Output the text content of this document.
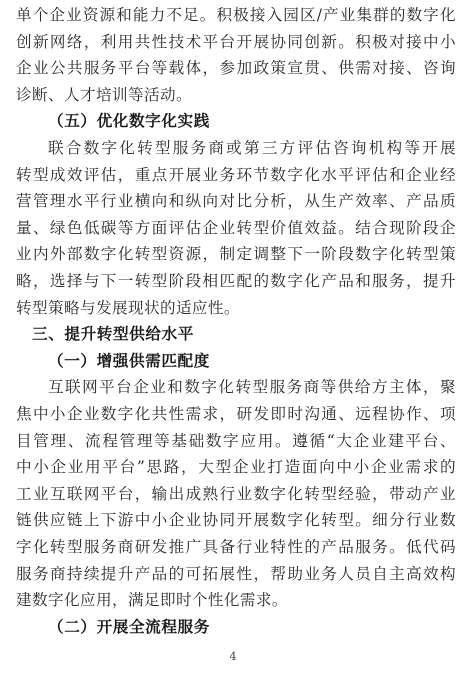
4
单个企业资源和能力不足。积极接入园区/产业集群的数字化
创新网络，利用共性技术平台开展协同创新。积极对接中小
企业公共服务平台等载体，参加政策宣贯、供需对接、咨询
诊断、人才培训等活动。
（五）优化数字化实践
联合数字化转型服务商或第三方评估咨询机构等开展
转型成效评估，重点开展业务环节数字化水平评估和企业经
营管理水平行业横向和纵向对比分析，从生产效率、产品质
量、绿色低碳等方面评估企业转型价值效益。结合现阶段企
业内外部数字化转型资源，制定调整下一阶段数字化转型策
略，选择与下一转型阶段相匹配的数字化产品和服务，提升
转型策略与发展现状的适应性。
三、提升转型供给水平
（一）增强供需匹配度
互联网平台企业和数字化转型服务商等供给方主体，聚
焦中小企业数字化共性需求，研发即时沟通、远程协作、项
目管理、流程管理等基础数字应用。遵循“大企业建平台、
中小企业用平台”思路，大型企业打造面向中小企业需求的
工业互联网平台，输出成熟行业数字化转型经验，带动产业
链供应链上下游中小企业协同开展数字化转型。细分行业数
字化转型服务商研发推广具备行业特性的产品服务。低代码
服务商持续提升产品的可拓展性，帮助业务人员自主高效构
建数字化应用，满足即时个性化需求。
（二）开展全流程服务
